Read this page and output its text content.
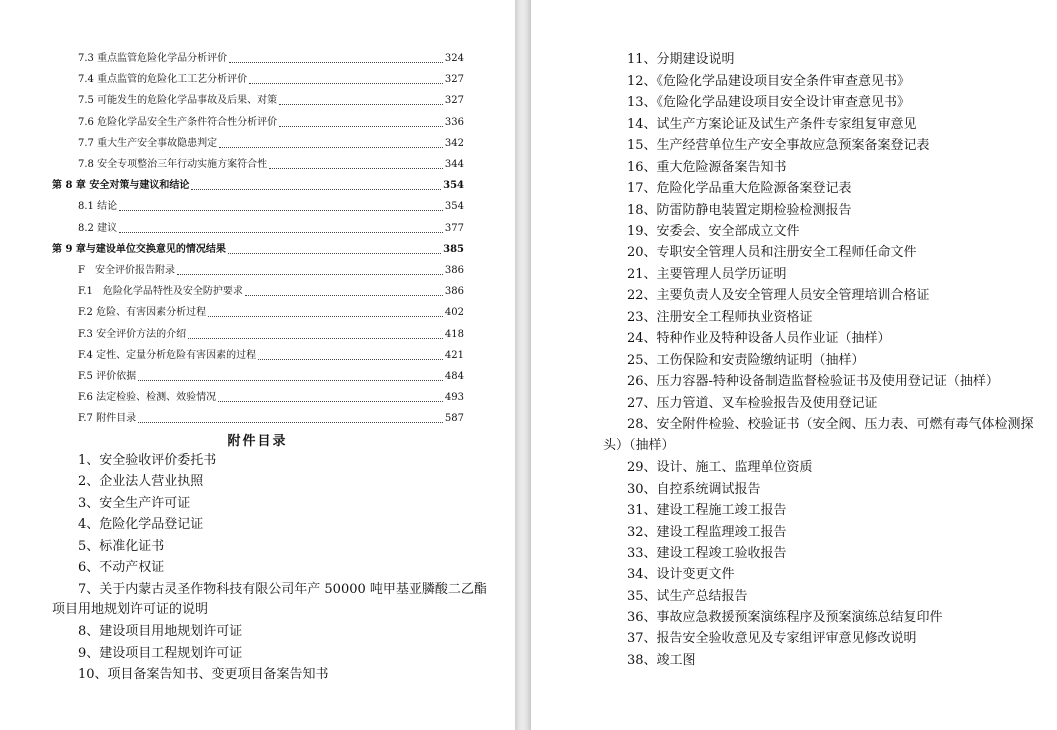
7.3 重点监管危险化学品分析评价	324
7.4 重点监管的危险化工工艺分析评价	327
7.5 可能发生的危险化学品事故及后果、对策	327
7.6 危险化学品安全生产条件符合性分析评价	336
7.7 重大生产安全事故隐患判定	342
7.8 安全专项整治三年行动实施方案符合性	344
第 8 章 安全对策与建议和结论	354
8.1 结论	354
8.2 建议	377
第 9 章与建设单位交换意见的情况结果	385
F　安全评价报告附录	386
F.1　危险化学品特性及安全防护要求	386
F.2 危险、有害因素分析过程	402
F.3 安全评价方法的介绍	418
F.4 定性、定量分析危险有害因素的过程	421
F.5 评价依据	484
F.6 法定检验、检测、效验情况	493
F.7 附件目录	587
附件目录
1、安全验收评价委托书
2、企业法人营业执照
3、安全生产许可证
4、危险化学品登记证
5、标准化证书
6、不动产权证
7、关于内蒙古灵圣作物科技有限公司年产 50000 吨甲基亚膦酸二乙酯
项目用地规划许可证的说明
8、建设项目用地规划许可证
9、建设项目工程规划许可证
10、项目备案告知书、变更项目备案告知书
11、分期建设说明
12、《危险化学品建设项目安全条件审查意见书》
13、《危险化学品建设项目安全设计审查意见书》
14、试生产方案论证及试生产条件专家组复审意见
15、生产经营单位生产安全事故应急预案备案登记表
16、重大危险源备案告知书
17、危险化学品重大危险源备案登记表
18、防雷防静电装置定期检验检测报告
19、安委会、安全部成立文件
20、专职安全管理人员和注册安全工程师任命文件
21、主要管理人员学历证明
22、主要负责人及安全管理人员安全管理培训合格证
23、注册安全工程师执业资格证
24、特种作业及特种设备人员作业证（抽样）
25、工伤保险和安责险缴纳证明（抽样）
26、压力容器-特种设备制造监督检验证书及使用登记证（抽样）
27、压力管道、叉车检验报告及使用登记证
28、安全附件检验、校验证书（安全阀、压力表、可燃有毒气体检测探
头）（抽样）
29、设计、施工、监理单位资质
30、自控系统调试报告
31、建设工程施工竣工报告
32、建设工程监理竣工报告
33、建设工程竣工验收报告
34、设计变更文件
35、试生产总结报告
36、事故应急救援预案演练程序及预案演练总结复印件
37、报告安全验收意见及专家组评审意见修改说明
38、竣工图
